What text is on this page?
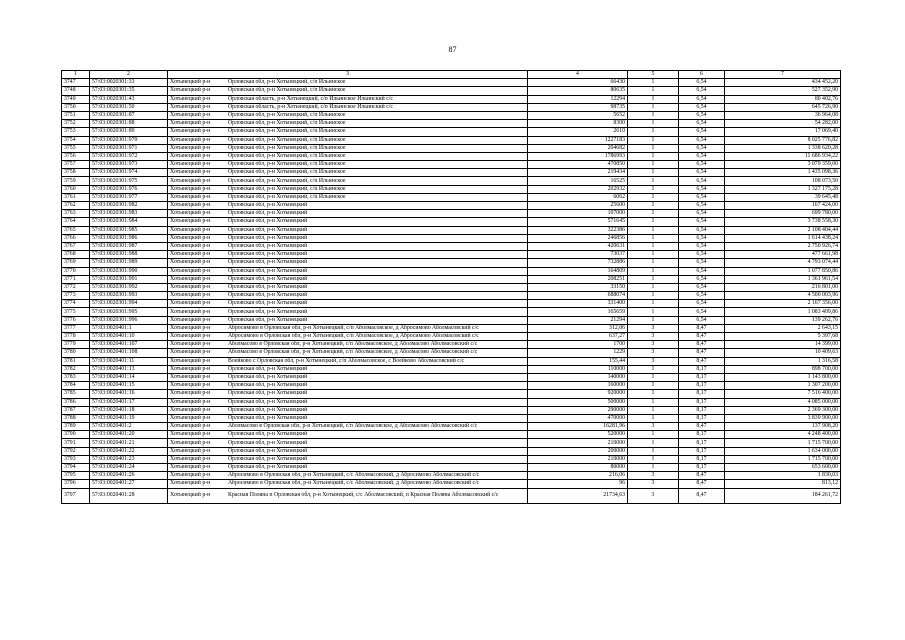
87
1	2	3	4	5	6	7
3747	57:03:0020301:33	Хотынецкий р-н Орловская обл, р-н Хотынецкий, с/п Ильинское	66430	1	6,54	434 452,20
3748	57:03:0020301:35	Хотынецкий р-н Орловская обл, р-н Хотынецкий, с/п Ильинское	80635	1	6,54	527 352,90
3749	57:03:0020301:43	Хотынецкий р-н Орловская область, р-н Хотынецкий, с/п Ильинское Ильинский с/с	12294	1	6,54	80 402,76
3750	57:03:0020301:50	Хотынецкий р-н Орловская область, р-н Хотынецкий, с/п Ильинское Ильинский с/с	98735	1	6,54	645 726,90
3751	57:03:0020301:87	Хотынецкий р-н Орловская обл, р-н Хотынецкий, с/п Ильинское	5652	1	6,54	36 964,08
3752	57:03:0020301:88	Хотынецкий р-н Орловская обл, р-н Хотынецкий, с/п Ильинское	8300	1	6,54	54 282,00
3753	57:03:0020301:89	Хотынецкий р-н Орловская обл, р-н Хотынецкий, с/п Ильинское	2610	1	6,54	17 069,40
3754	57:03:0020301:970	Хотынецкий р-н Орловская обл, р-н Хотынецкий, с/п Ильинское	1227183	1	6,54	8 025 776,82
3755	57:03:0020301:971	Хотынецкий р-н Орловская обл, р-н Хотынецкий, с/п Ильинское	204682	1	6,54	1 338 620,28
3756	57:03:0020301:972	Хотынецкий р-н Орловская обл, р-н Хотынецкий, с/п Ильинское	1786993	1	6,54	11 686 934,22
3757	57:03:0020301:973	Хотынецкий р-н Орловская обл, р-н Хотынецкий, с/п Ильинское	470850	1	6,54	3 079 359,00
3758	57:03:0020301:974	Хотынецкий р-н Орловская обл, р-н Хотынецкий, с/п Ильинское	219434	1	6,54	1 435 098,36
3759	57:03:0020301:975	Хотынецкий р-н Орловская обл, р-н Хотынецкий, с/п Ильинское	16525	1	6,54	108 073,50
3760	57:03:0020301:976	Хотынецкий р-н Орловская обл, р-н Хотынецкий, с/п Ильинское	202932	1	6,54	1 327 175,28
3761	57:03:0020301:977	Хотынецкий р-н Орловская обл, р-н Хотынецкий, с/п Ильинское	6062	1	6,54	39 645,48
3762	57:03:0020301:982	Хотынецкий р-н Орловская обл, р-н Хотынецкий	25600	1	6,54	167 424,00
3763	57:03:0020301:983	Хотынецкий р-н Орловская обл, р-н Хотынецкий	107000	1	6,54	699 780,00
3764	57:03:0020301:984	Хотынецкий р-н Орловская обл, р-н Хотынецкий	571645	1	6,54	3 738 558,30
3765	57:03:0020301:985	Хотынецкий р-н Орловская обл, р-н Хотынецкий	322386	1	6,54	2 108 404,44
3766	57:03:0020301:986	Хотынецкий р-н Орловская обл, р-н Хотынецкий	246856	1	6,54	1 614 438,24
3767	57:03:0020301:987	Хотынецкий р-н Орловская обл, р-н Хотынецкий	420631	1	6,54	2 750 926,74
3768	57:03:0020301:988	Хотынецкий р-н Орловская обл, р-н Хотынецкий	73037	1	6,54	477 661,98
3769	57:03:0020301:989	Хотынецкий р-н Орловская обл, р-н Хотынецкий	732886	1	6,54	4 793 074,44
3770	57:03:0020301:990	Хотынецкий р-н Орловская обл, р-н Хотынецкий	164809	1	6,54	1 077 850,86
3771	57:03:0020301:991	Хотынецкий р-н Орловская обл, р-н Хотынецкий	208251	1	6,54	1 361 961,54
3772	57:03:0020301:992	Хотынецкий р-н Орловская обл, р-н Хотынецкий	33150	1	6,54	216 801,00
3773	57:03:0020301:993	Хотынецкий р-н Орловская обл, р-н Хотынецкий	688074	1	6,54	4 500 003,96
3774	57:03:0020301:994	Хотынецкий р-н Орловская обл, р-н Хотынецкий	331400	1	6,54	2 167 356,00
3775	57:03:0020301:995	Хотынецкий р-н Орловская обл, р-н Хотынецкий	165659	1	6,54	1 083 409,86
3776	57:03:0020301:996	Хотынецкий р-н Орловская обл, р-н Хотынецкий	21294	1	6,54	139 262,76
3777	57:03:0020401:1	Хотынецкий р-н Абросимово в Орловская обл, р-н Хотынецкий, с/п Аболмасовское, д Абросимово Аболмасовский с/с	312,06	3	8,47	2 643,15
3778	57:03:0020401:10	Хотынецкий р-н Абросимово в Орловская обл, р-н Хотынецкий, с/п Аболмасовское, д Абросимово Аболмасовский с/с	637,27	3	8,47	5 397,68
3779	57:03:0020401:107	Хотынецкий р-н Аболмасово в Орловская обл, р-н Хотынецкий, с/п Аболмасовское, д Аболмасово Аболмасовский с/с	1700	3	8,47	14 399,00
3780	57:03:0020401:108	Хотынецкий р-н Аболмасово в Орловская обл, р-н Хотынецкий, с/п Аболмасовское, д Аболмасово Аболмасовский с/с	1229	3	8,47	10 409,63
3781	57:03:0020401:11	Хотынецкий р-н Воейково с Орловская обл, р-н Хотынецкий, с/п Аболмасовское, с Воейково Аболмасовский с/с	155,44	3	8,47	1 316,58
3782	57:03:0020401:13	Хотынецкий р-н Орловская обл, р-н Хотынецкий	110000	1	8,17	898 700,00
3783	57:03:0020401:14	Хотынецкий р-н Орловская обл, р-н Хотынецкий	140000	1	8,17	1 143 800,00
3784	57:03:0020401:15	Хотынецкий р-н Орловская обл, р-н Хотынецкий	160000	1	8,17	1 307 200,00
3785	57:03:0020401:16	Хотынецкий р-н Орловская обл, р-н Хотынецкий	920000	1	8,17	7 516 400,00
3786	57:03:0020401:17	Хотынецкий р-н Орловская обл, р-н Хотынецкий	500000	1	8,17	4 085 000,00
3787	57:03:0020401:18	Хотынецкий р-н Орловская обл, р-н Хотынецкий	290000	1	8,17	2 369 300,00
3788	57:03:0020401:19	Хотынецкий р-н Орловская обл, р-н Хотынецкий	470000	1	8,17	3 839 900,00
3789	57:03:0020401:2	Хотынецкий р-н Аболмасово в Орловская обл, р-н Хотынецкий, с/п Аболмасовское, д Аболмасово Аболмасовский с/с	16281,96	3	8,47	137 908,20
3790	57:03:0020401:20	Хотынецкий р-н Орловская обл, р-н Хотынецкий	520000	1	8,17	4 248 400,00
3791	57:03:0020401:21	Хотынецкий р-н Орловская обл, р-н Хотынецкий	210000	1	8,17	1 715 700,00
3792	57:03:0020401:22	Хотынецкий р-н Орловская обл, р-н Хотынецкий	200000	1	8,17	1 634 000,00
3793	57:03:0020401:23	Хотынецкий р-н Орловская обл, р-н Хотынецкий	210000	1	8,17	1 715 700,00
3794	57:03:0020401:24	Хотынецкий р-н Орловская обл, р-н Хотынецкий	80000	1	8,17	653 600,00
3795	57:03:0020401:26	Хотынецкий р-н Абросимово в Орловская обл, р-н Хотынецкий, с/с Аболмасовский, д Абросимово Аболмасовский с/с	216,06	3	8,47	1 830,03
3796	57:03:0020401:27	Хотынецкий р-н Абросимово в Орловская обл, р-н Хотынецкий, с/с Аболмасовский, д Абросимово Аболмасовский с/с	96	3	8,47	813,12
3797	57:03:0020401:28	Хотынецкий р-н Красная Поляна п Орловская обл, р-н Хотынецкий, с/с Аболмасовский, п Красная Поляна Аболмасовский с/с	21734,63	3	8,47	184 261,72
